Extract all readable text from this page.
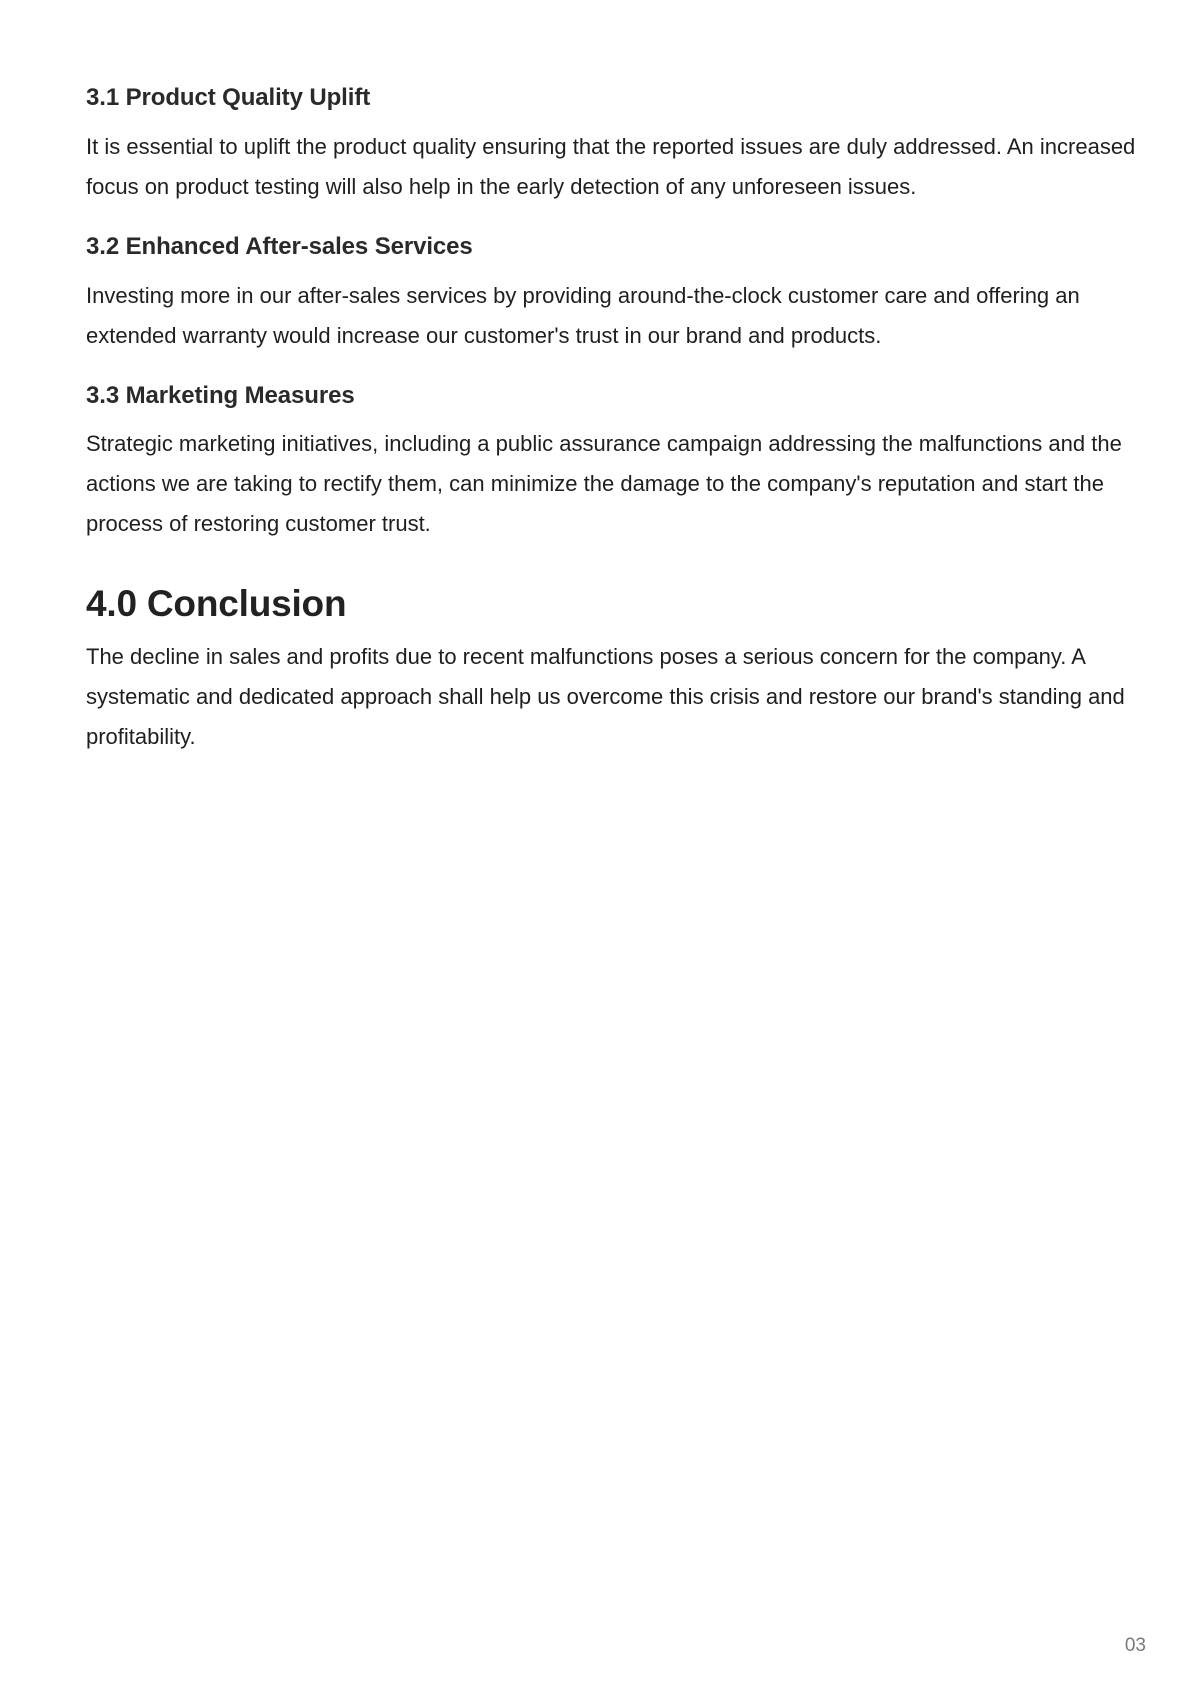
3.1 Product Quality Uplift

It is essential to uplift the product quality ensuring that the reported issues are duly addressed. An increased focus on product testing will also help in the early detection of any unforeseen issues.

3.2 Enhanced After-sales Services

Investing more in our after-sales services by providing around-the-clock customer care and offering an extended warranty would increase our customer's trust in our brand and products.

3.3 Marketing Measures

Strategic marketing initiatives, including a public assurance campaign addressing the malfunctions and the actions we are taking to rectify them, can minimize the damage to the company's reputation and start the process of restoring customer trust.

4.0 Conclusion

The decline in sales and profits due to recent malfunctions poses a serious concern for the company. A systematic and dedicated approach shall help us overcome this crisis and restore our brand's standing and profitability.

03
